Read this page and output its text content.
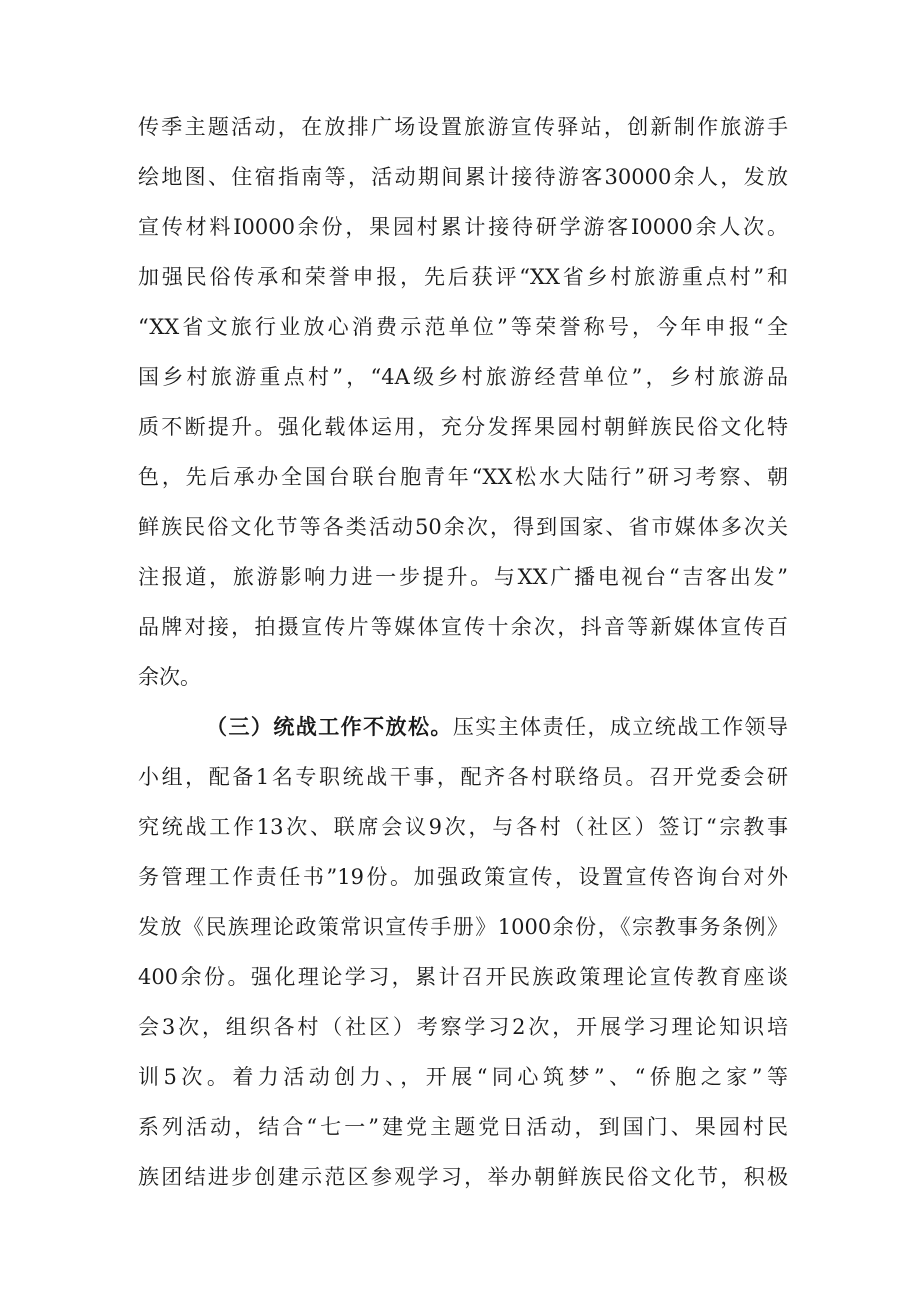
传季主题活动，在放排广场设置旅游宣传驿站，创新制作旅游手
绘地图、住宿指南等，活动期间累计接待游客30000余人，发放
宣传材料I0000余份，果园村累计接待研学游客I0000余人次。
加强民俗传承和荣誉申报，先后获评“XX省乡村旅游重点村”和
“XX省文旅行业放心消费示范单位”等荣誉称号，今年申报“全
国乡村旅游重点村”，“4A级乡村旅游经营单位”，乡村旅游品
质不断提升。强化载体运用，充分发挥果园村朝鲜族民俗文化特
色，先后承办全国台联台胞青年“XX松水大陆行”研习考察、朝
鲜族民俗文化节等各类活动50余次，得到国家、省市媒体多次关
注报道，旅游影响力进一步提升。与XX广播电视台“吉客出发”
品牌对接，拍摄宣传片等媒体宣传十余次，抖音等新媒体宣传百
余次。
（三）统战工作不放松。压实主体责任，成立统战工作领导
小组，配备1名专职统战干事，配齐各村联络员。召开党委会研
究统战工作13次、联席会议9次，与各村（社区）签订“宗教事
务管理工作责任书”19份。加强政策宣传，设置宣传咨询台对外
发放《民族理论政策常识宣传手册》1000余份，《宗教事务条例》
400余份。强化理论学习，累计召开民族政策理论宣传教育座谈
会3次，组织各村（社区）考察学习2次，开展学习理论知识培
训5次。着力活动创力、，开展“同心筑梦”、“侨胞之家”等
系列活动，结合“七一”建党主题党日活动，到国门、果园村民
族团结进步创建示范区参观学习，举办朝鲜族民俗文化节，积极
